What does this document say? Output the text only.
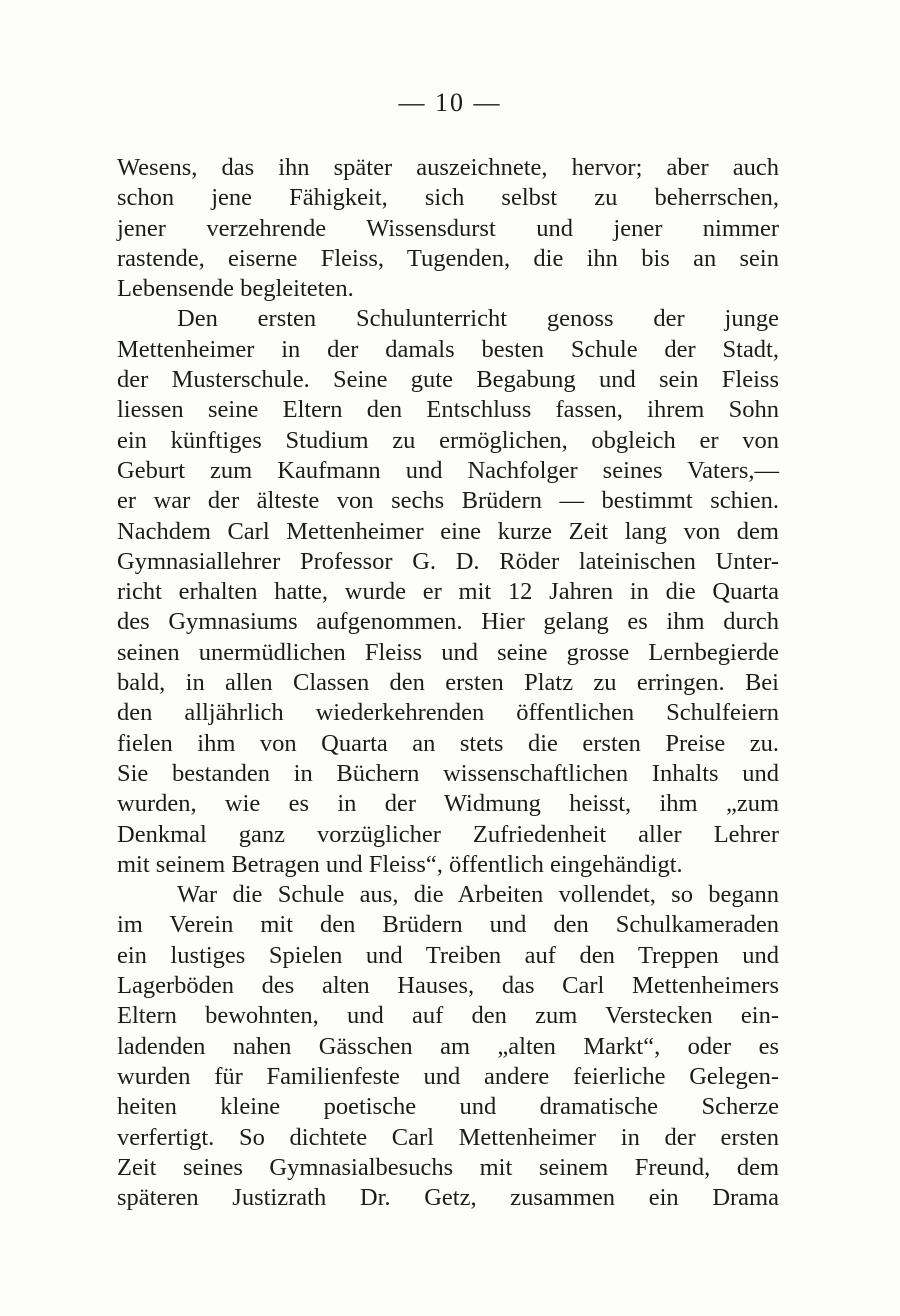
— 10 —
Wesens, das ihn später auszeichnete, hervor; aber auch
schon jene Fähigkeit, sich selbst zu beherrschen,
jener verzehrende Wissensdurst und jener nimmer
rastende, eiserne Fleiss, Tugenden, die ihn bis an sein
Lebensende begleiteten.
Den ersten Schulunterricht genoss der junge
Mettenheimer in der damals besten Schule der Stadt,
der Musterschule. Seine gute Begabung und sein Fleiss
liessen seine Eltern den Entschluss fassen, ihrem Sohn
ein künftiges Studium zu ermöglichen, obgleich er von
Geburt zum Kaufmann und Nachfolger seines Vaters,—
er war der älteste von sechs Brüdern — bestimmt schien.
Nachdem Carl Mettenheimer eine kurze Zeit lang von dem
Gymnasiallehrer Professor G. D. Röder lateinischen Unter-
richt erhalten hatte, wurde er mit 12 Jahren in die Quarta
des Gymnasiums aufgenommen. Hier gelang es ihm durch
seinen unermüdlichen Fleiss und seine grosse Lernbegierde
bald, in allen Classen den ersten Platz zu erringen. Bei
den alljährlich wiederkehrenden öffentlichen Schulfeiern
fielen ihm von Quarta an stets die ersten Preise zu.
Sie bestanden in Büchern wissenschaftlichen Inhalts und
wurden, wie es in der Widmung heisst, ihm „zum
Denkmal ganz vorzüglicher Zufriedenheit aller Lehrer
mit seinem Betragen und Fleiss“, öffentlich eingehändigt.
War die Schule aus, die Arbeiten vollendet, so begann
im Verein mit den Brüdern und den Schulkameraden
ein lustiges Spielen und Treiben auf den Treppen und
Lagerböden des alten Hauses, das Carl Mettenheimers
Eltern bewohnten, und auf den zum Verstecken ein-
ladenden nahen Gässchen am „alten Markt“, oder es
wurden für Familienfeste und andere feierliche Gelegen-
heiten kleine poetische und dramatische Scherze
verfertigt. So dichtete Carl Mettenheimer in der ersten
Zeit seines Gymnasialbesuchs mit seinem Freund, dem
späteren Justizrath Dr. Getz, zusammen ein Drama
